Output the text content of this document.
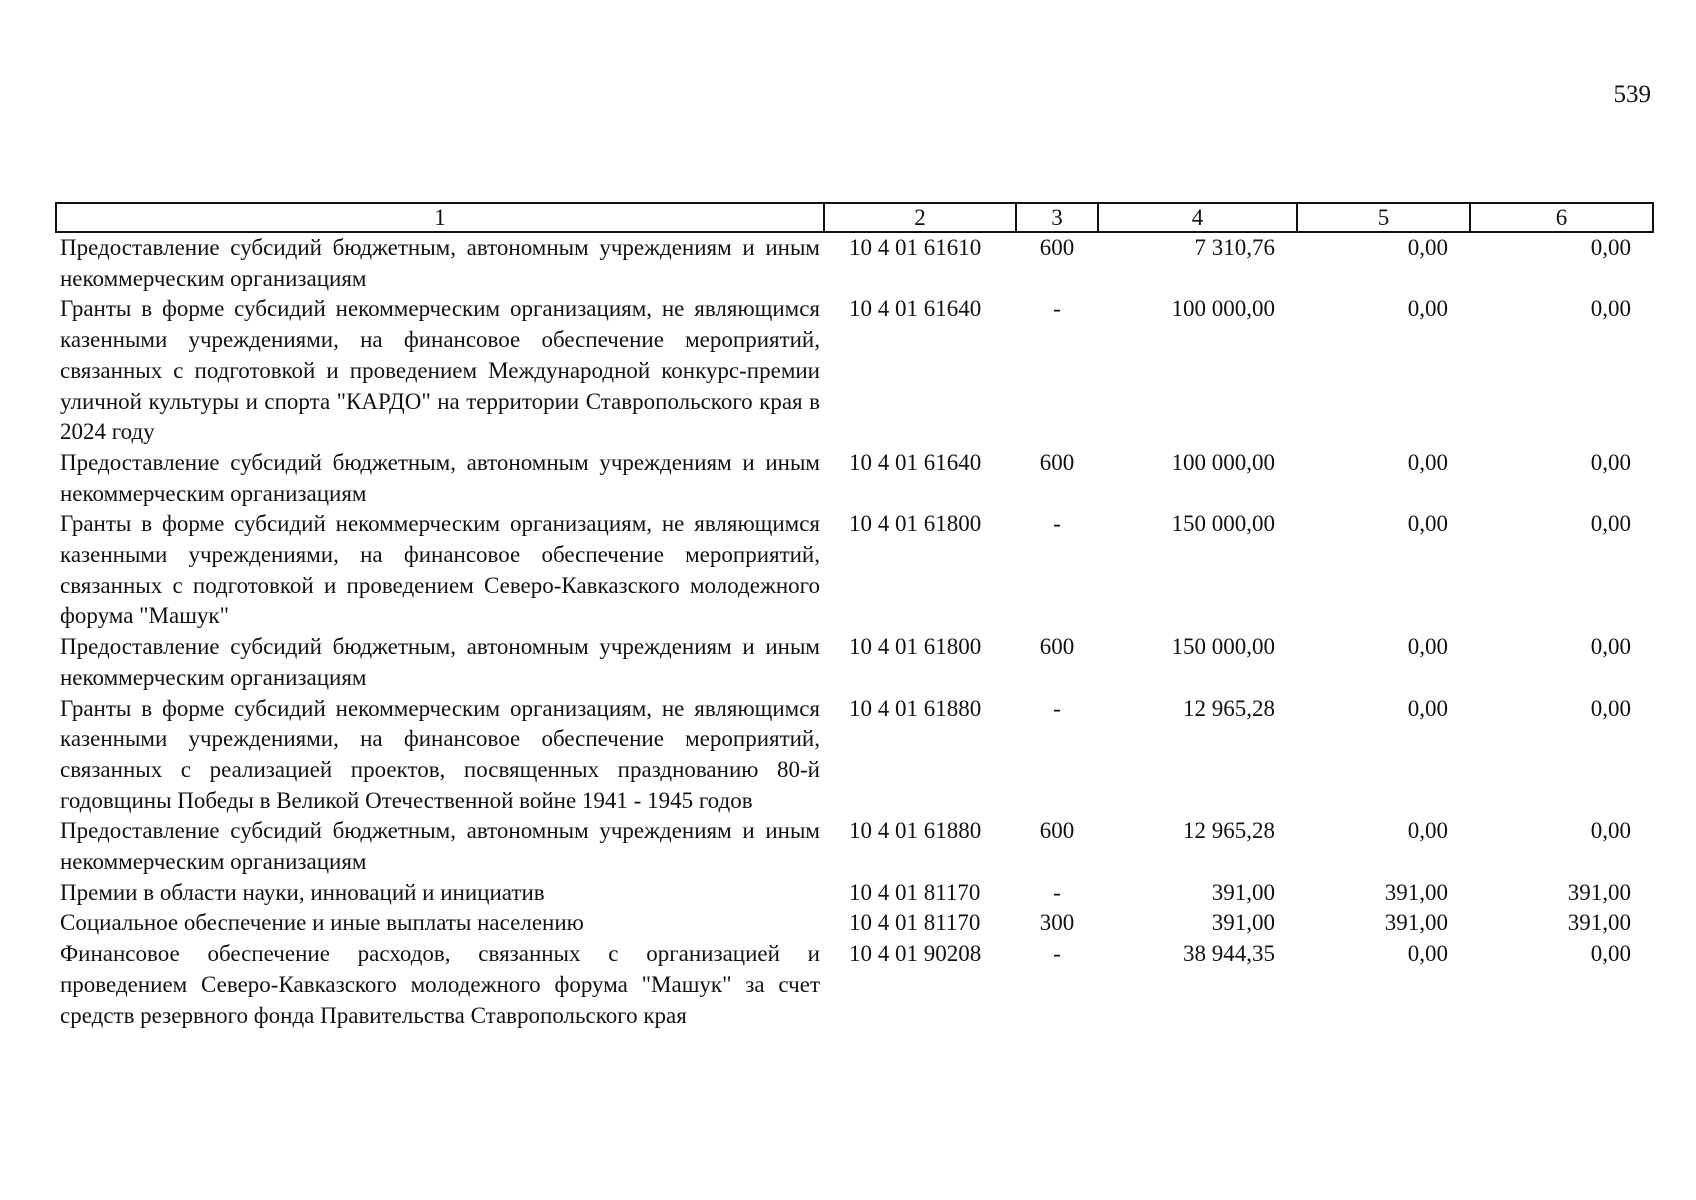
539
1	2	3	4	5	6
Предоставление субсидий бюджетным, автономным учреждениям и иным некоммерческим организациям	10 4 01 61610	600	7 310,76	0,00	0,00
Гранты в форме субсидий некоммерческим организациям, не являющимся казенными учреждениями, на финансовое обеспечение мероприятий, связанных с подготовкой и проведением Международной конкурс-премии уличной культуры и спорта "КАРДО" на территории Ставропольского края в 2024 году	10 4 01 61640	-	100 000,00	0,00	0,00
Предоставление субсидий бюджетным, автономным учреждениям и иным некоммерческим организациям	10 4 01 61640	600	100 000,00	0,00	0,00
Гранты в форме субсидий некоммерческим организациям, не являющимся казенными учреждениями, на финансовое обеспечение мероприятий, связанных с подготовкой и проведением Северо-Кавказского молодежного форума "Машук"	10 4 01 61800	-	150 000,00	0,00	0,00
Предоставление субсидий бюджетным, автономным учреждениям и иным некоммерческим организациям	10 4 01 61800	600	150 000,00	0,00	0,00
Гранты в форме субсидий некоммерческим организациям, не являющимся казенными учреждениями, на финансовое обеспечение мероприятий, связанных с реализацией проектов, посвященных празднованию 80-й годовщины Победы в Великой Отечественной войне 1941 - 1945 годов	10 4 01 61880	-	12 965,28	0,00	0,00
Предоставление субсидий бюджетным, автономным учреждениям и иным некоммерческим организациям	10 4 01 61880	600	12 965,28	0,00	0,00
Премии в области науки, инноваций и инициатив	10 4 01 81170	-	391,00	391,00	391,00
Социальное обеспечение и иные выплаты населению	10 4 01 81170	300	391,00	391,00	391,00
Финансовое обеспечение расходов, связанных с организацией и проведением Северо-Кавказского молодежного форума "Машук" за счет средств резервного фонда Правительства Ставропольского края	10 4 01 90208	-	38 944,35	0,00	0,00
